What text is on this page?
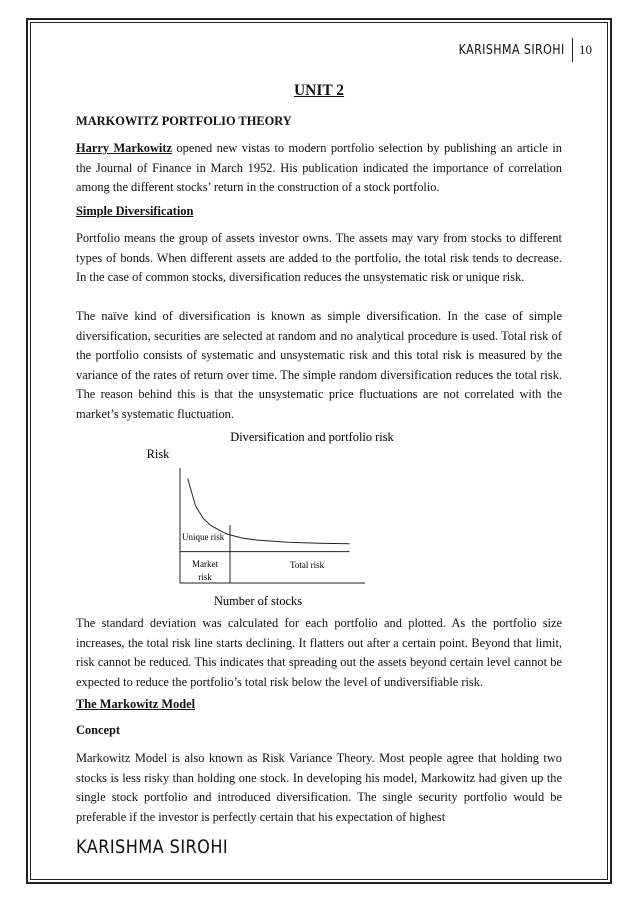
KARISHMA SIROHI	10
UNIT 2
MARKOWITZ PORTFOLIO THEORY

Harry Markowitz opened new vistas to modern portfolio selection by publishing an article in the Journal of Finance in March 1952. His publication indicated the importance of correlation among the different stocks’ return in the construction of a stock portfolio.

Simple Diversification

Portfolio means the group of assets investor owns. The assets may vary from stocks to different types of bonds. When different assets are added to the portfolio, the total risk tends to decrease. In the case of common stocks, diversification reduces the unsystematic risk or unique risk.

The naïve kind of diversification is known as simple diversification. In the case of simple diversification, securities are selected at random and no analytical procedure is used. Total risk of the portfolio consists of systematic and unsystematic risk and this total risk is measured by the variance of the rates of return over time. The simple random diversification reduces the total risk. The reason behind this is that the unsystematic price fluctuations are not correlated with the market’s systematic fluctuation.

Diversification and portfolio risk
Risk
Unique risk
Market
risk
Total risk
Number of stocks

The standard deviation was calculated for each portfolio and plotted. As the portfolio size increases, the total risk line starts declining. It flatters out after a certain point. Beyond that limit, risk cannot be reduced. This indicates that spreading out the assets beyond certain level cannot be expected to reduce the portfolio’s total risk below the level of undiversifiable risk.

The Markowitz Model
Concept

Markowitz Model is also known as Risk Variance Theory. Most people agree that holding two stocks is less risky than holding one stock. In developing his model, Markowitz had given up the single stock portfolio and introduced diversification. The single security portfolio would be preferable if the investor is perfectly certain that his expectation of highest

KARISHMA SIROHI
